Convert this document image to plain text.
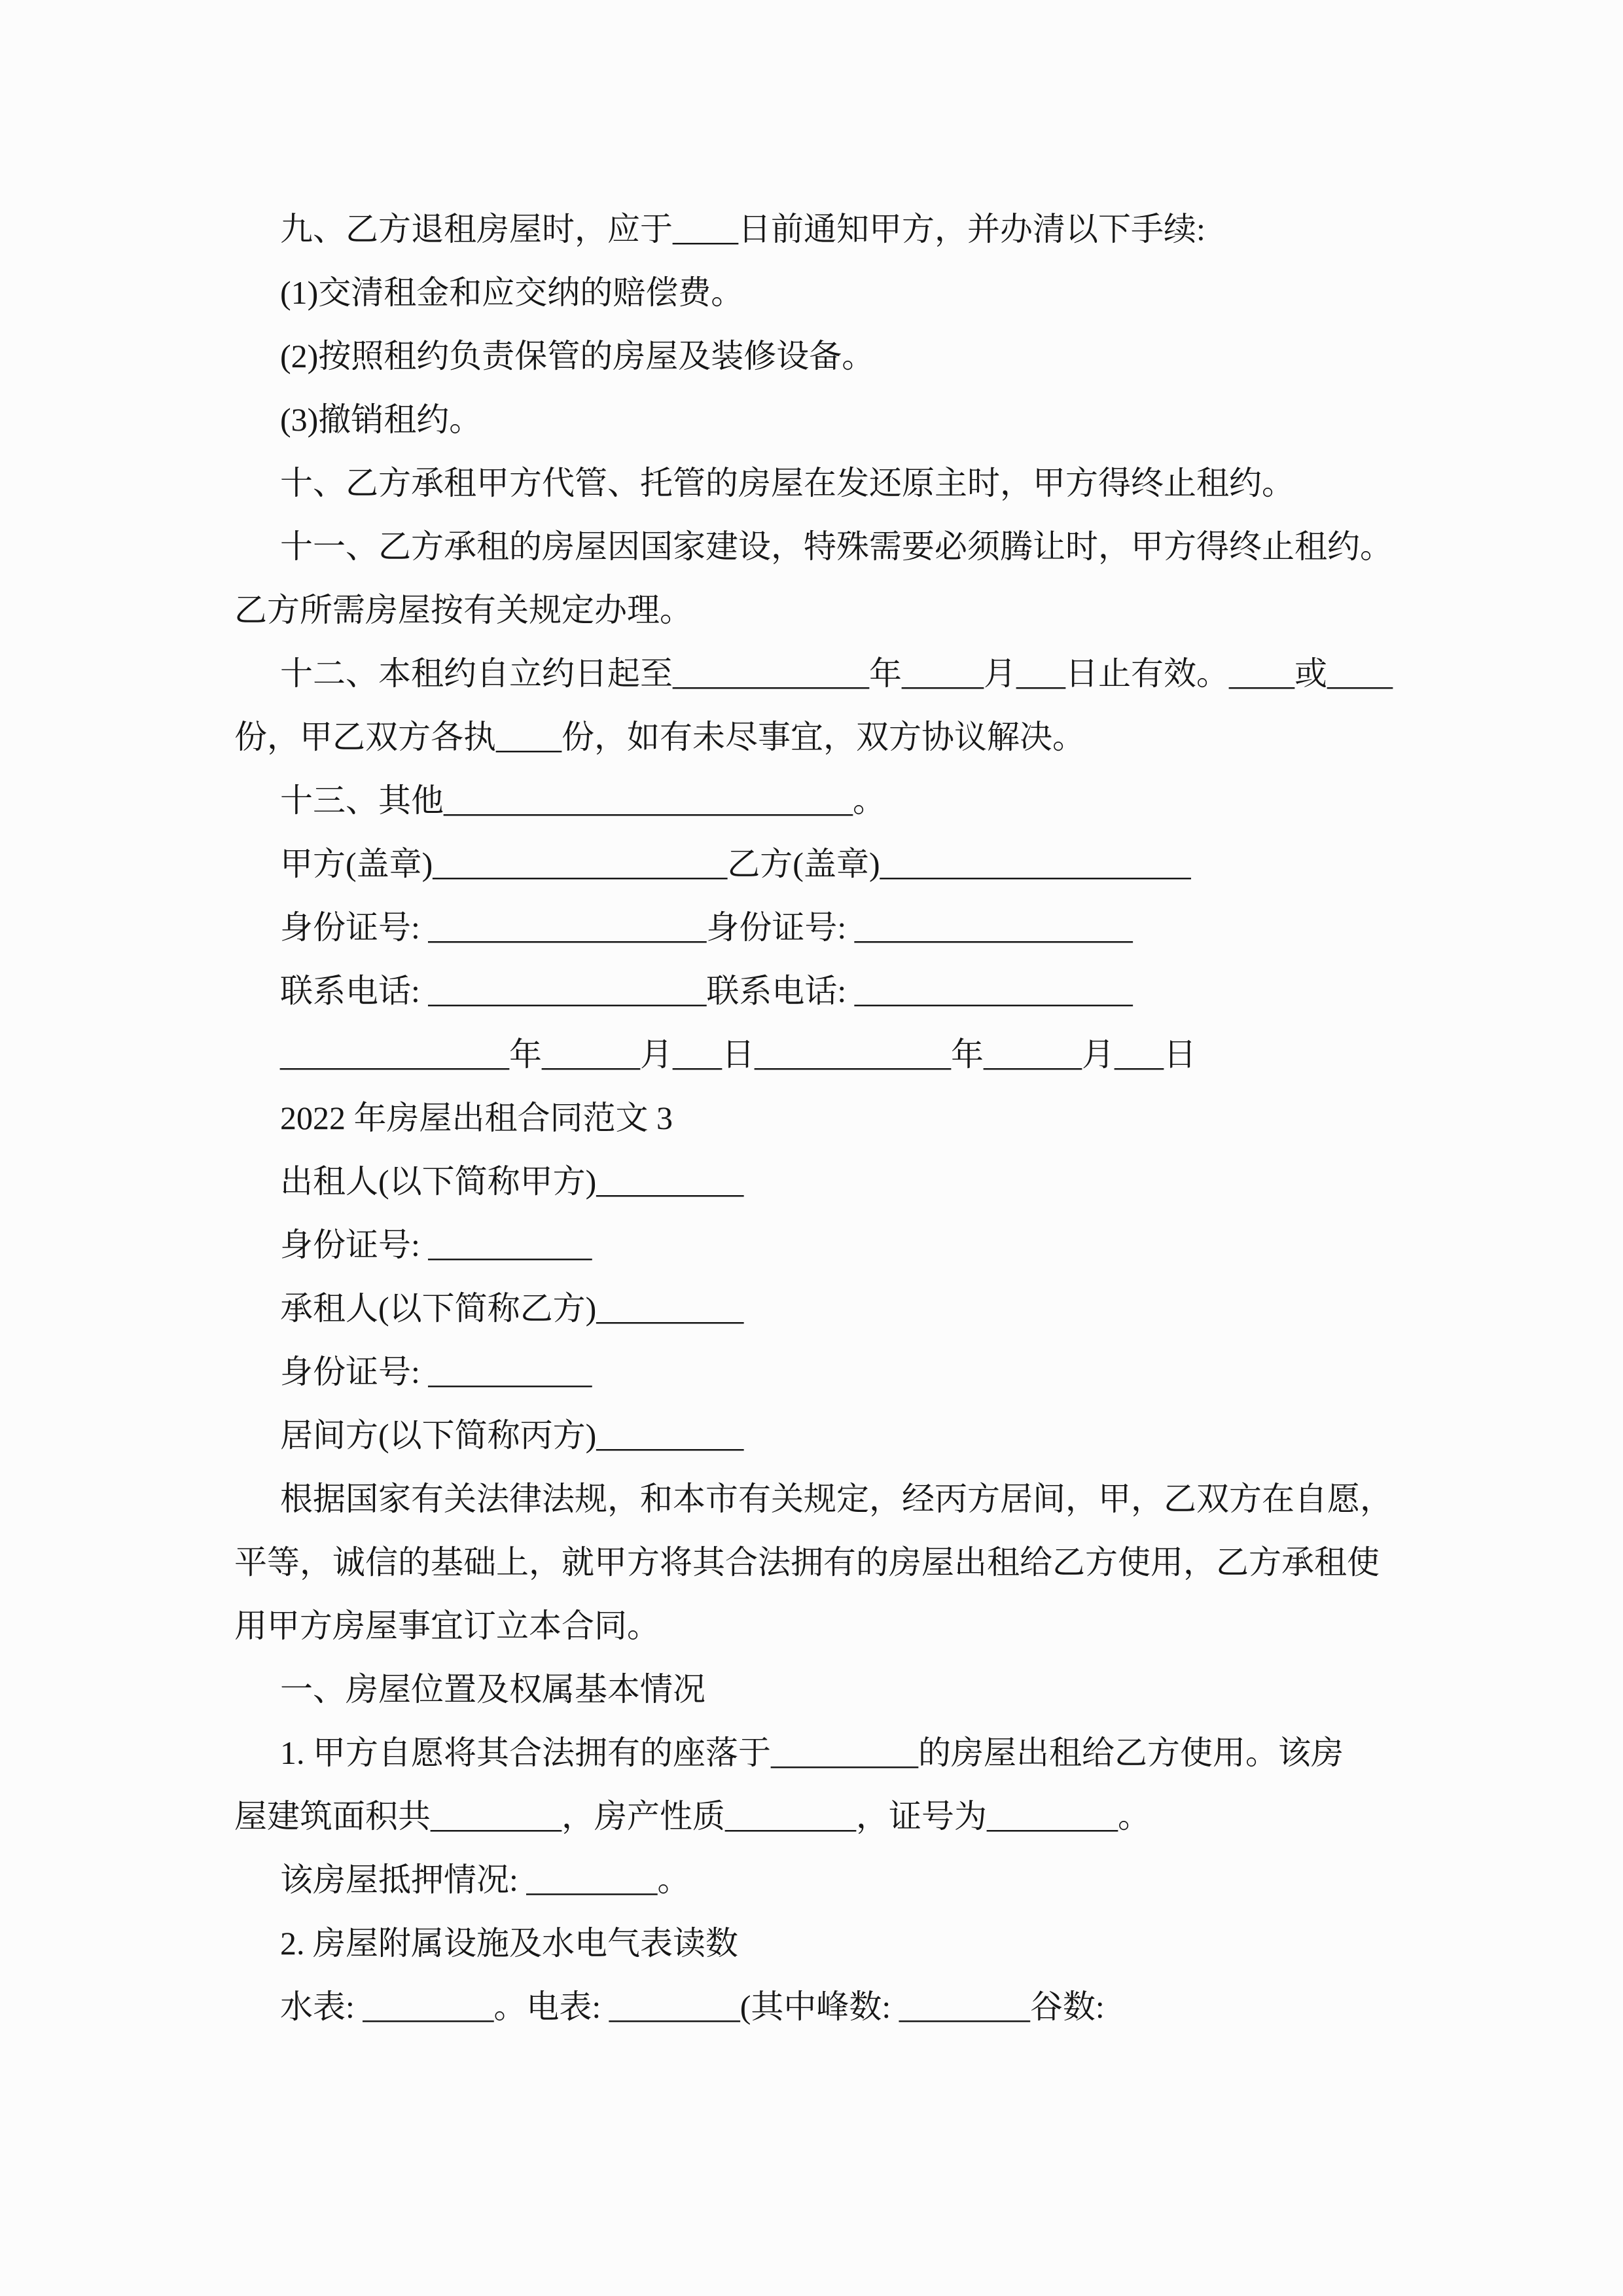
九、乙方退租房屋时，应于____日前通知甲方，并办清以下手续:
(1)交清租金和应交纳的赔偿费。
(2)按照租约负责保管的房屋及装修设备。
(3)撤销租约。
十、乙方承租甲方代管、托管的房屋在发还原主时，甲方得终止租约。
十一、乙方承租的房屋因国家建设，特殊需要必须腾让时，甲方得终止租约。
乙方所需房屋按有关规定办理。
十二、本租约自立约日起至____________年_____月___日止有效。____或____
份，甲乙双方各执____份，如有未尽事宜，双方协议解决。
十三、其他_________________________。
甲方(盖章)__________________乙方(盖章)___________________
身份证号: _________________身份证号: _________________
联系电话: _________________联系电话: _________________
______________年______月___日____________年______月___日
2022 年房屋出租合同范文 3
出租人(以下简称甲方)_________
身份证号: __________
承租人(以下简称乙方)_________
身份证号: __________
居间方(以下简称丙方)_________
根据国家有关法律法规，和本市有关规定，经丙方居间，甲，乙双方在自愿，
平等，诚信的基础上，就甲方将其合法拥有的房屋出租给乙方使用，乙方承租使
用甲方房屋事宜订立本合同。
一、房屋位置及权属基本情况
1. 甲方自愿将其合法拥有的座落于_________的房屋出租给乙方使用。该房
屋建筑面积共________，房产性质________，证号为________。
该房屋抵押情况: ________。
2. 房屋附属设施及水电气表读数
水表: ________。电表: ________(其中峰数: ________谷数:
